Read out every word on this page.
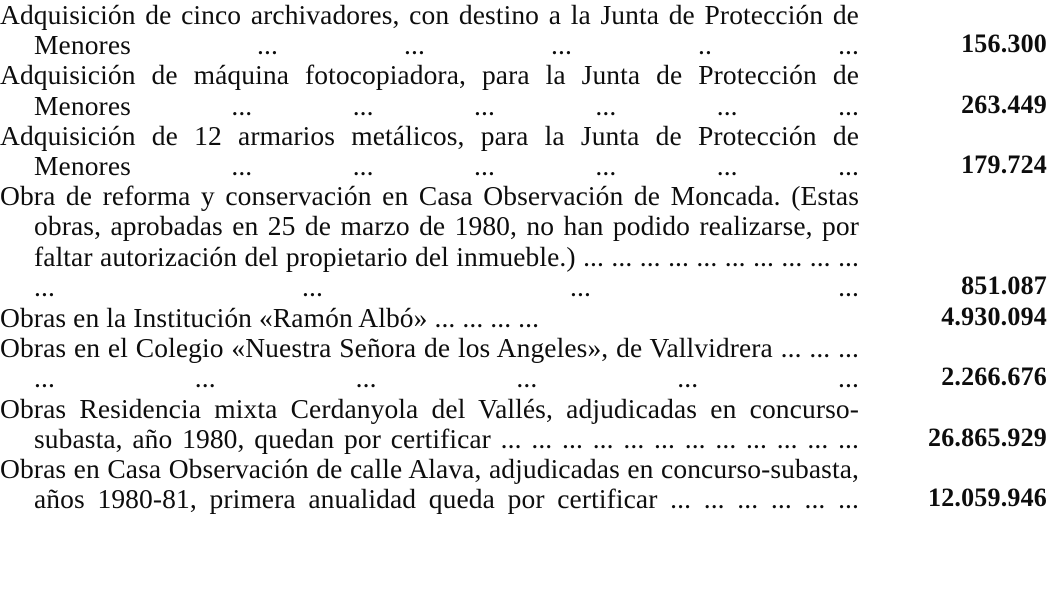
Adquisición de cinco archivadores, con destino a la Junta de Protección de Menores ... ... ... .. ...	156.300
Adquisición de máquina fotocopiadora, para la Junta de Protección de Menores ... ... ... ... ... ...	263.449
Adquisición de 12 armarios metálicos, para la Junta de Protección de Menores ... ... ... ... ... ...	179.724
Obra de reforma y conservación en Casa Observación de Moncada. (Estas obras, aprobadas en 25 de marzo de 1980, no han podido realizarse, por faltar autorización del propietario del inmueble.) ... ... ... ... ... ... ... ... ... ... ... ... ... ...	851.087
Obras en la Institución «Ramón Albó» ... ... ... ...	4.930.094
Obras en el Colegio «Nuestra Señora de los Angeles», de Vallvidrera ... ... ... ... ... ... ... ... ...	2.266.676
Obras Residencia mixta Cerdanyola del Vallés, adjudicadas en concurso-subasta, año 1980, quedan por certificar ... ... ... ... ... ... ... ... ... ... ... ...	26.865.929
Obras en Casa Observación de calle Alava, adjudicadas en concurso-subasta, años 1980-81, primera anualidad queda por certificar ... ... ... ... ... ...	12.059.946
